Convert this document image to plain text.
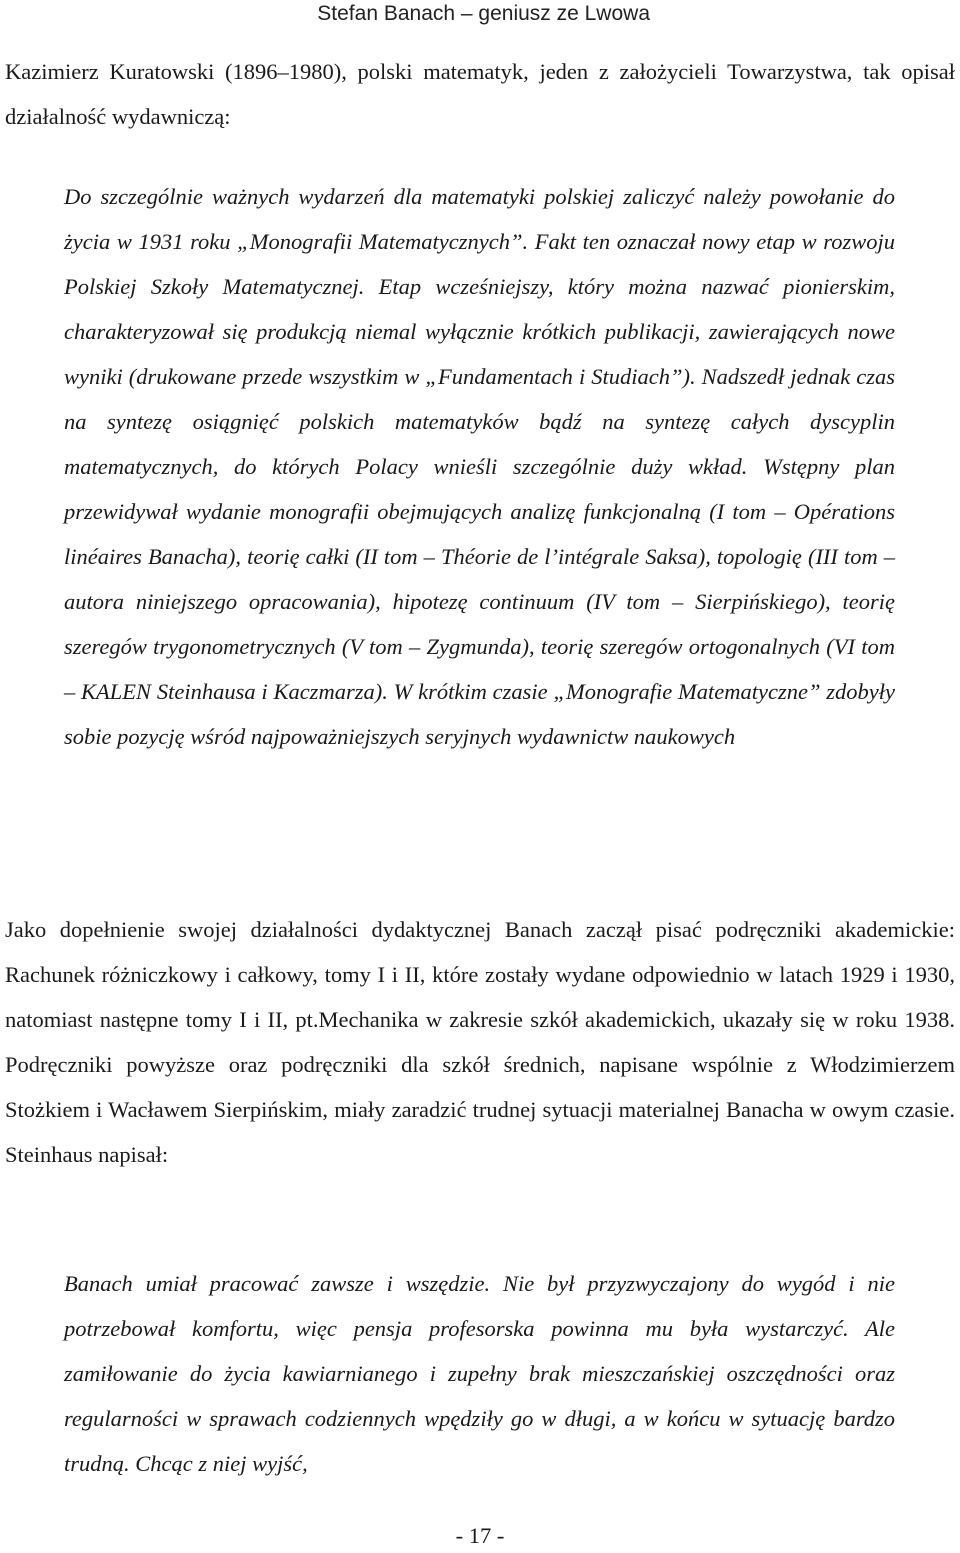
Stefan Banach – geniusz ze Lwowa

Kazimierz Kuratowski (1896–1980), polski matematyk, jeden z założycieli Towarzystwa, tak opisał działalność wydawniczą:

Do szczególnie ważnych wydarzeń dla matematyki polskiej zaliczyć należy powołanie do życia w 1931 roku „Monografii Matematycznych”. Fakt ten oznaczał nowy etap w rozwoju Polskiej Szkoły Matematycznej. Etap wcześniejszy, który można nazwać pionierskim, charakteryzował się produkcją niemal wyłącznie krótkich publikacji, zawierających nowe wyniki (drukowane przede wszystkim w „Fundamentach i Studiach”). Nadszedł jednak czas na syntezę osiągnięć polskich matematyków bądź na syntezę całych dyscyplin matematycznych, do których Polacy wnieśli szczególnie duży wkład. Wstępny plan przewidywał wydanie monografii obejmujących analizę funkcjonalną (I tom – Opérations linéaires Banacha), teorię całki (II tom – Théorie de l’intégrale Saksa), topologię (III tom – autora niniejszego opracowania), hipotezę continuum (IV tom – Sierpińskiego), teorię szeregów trygonometrycznych (V tom – Zygmunda), teorię szeregów ortogonalnych (VI tom – KALEN Steinhausa i Kaczmarza). W krótkim czasie „Monografie Matematyczne” zdobyły sobie pozycję wśród najpoważniejszych seryjnych wydawnictw naukowych

Jako dopełnienie swojej działalności dydaktycznej Banach zaczął pisać podręczniki akademickie: Rachunek różniczkowy i całkowy, tomy I i II, które zostały wydane odpowiednio w latach 1929 i 1930, natomiast następne tomy I i II, pt.Mechanika w zakresie szkół akademickich, ukazały się w roku 1938. Podręczniki powyższe oraz podręczniki dla szkół średnich, napisane wspólnie z Włodzimierzem Stożkiem i Wacławem Sierpińskim, miały zaradzić trudnej sytuacji materialnej Banacha w owym czasie. Steinhaus napisał:

Banach umiał pracować zawsze i wszędzie. Nie był przyzwyczajony do wygód i nie potrzebował komfortu, więc pensja profesorska powinna mu była wystarczyć. Ale zamiłowanie do życia kawiarnianego i zupełny brak mieszczańskiej oszczędności oraz regularności w sprawach codziennych wpędziły go w długi, a w końcu w sytuację bardzo trudną. Chcąc z niej wyjść,

- 17 -
